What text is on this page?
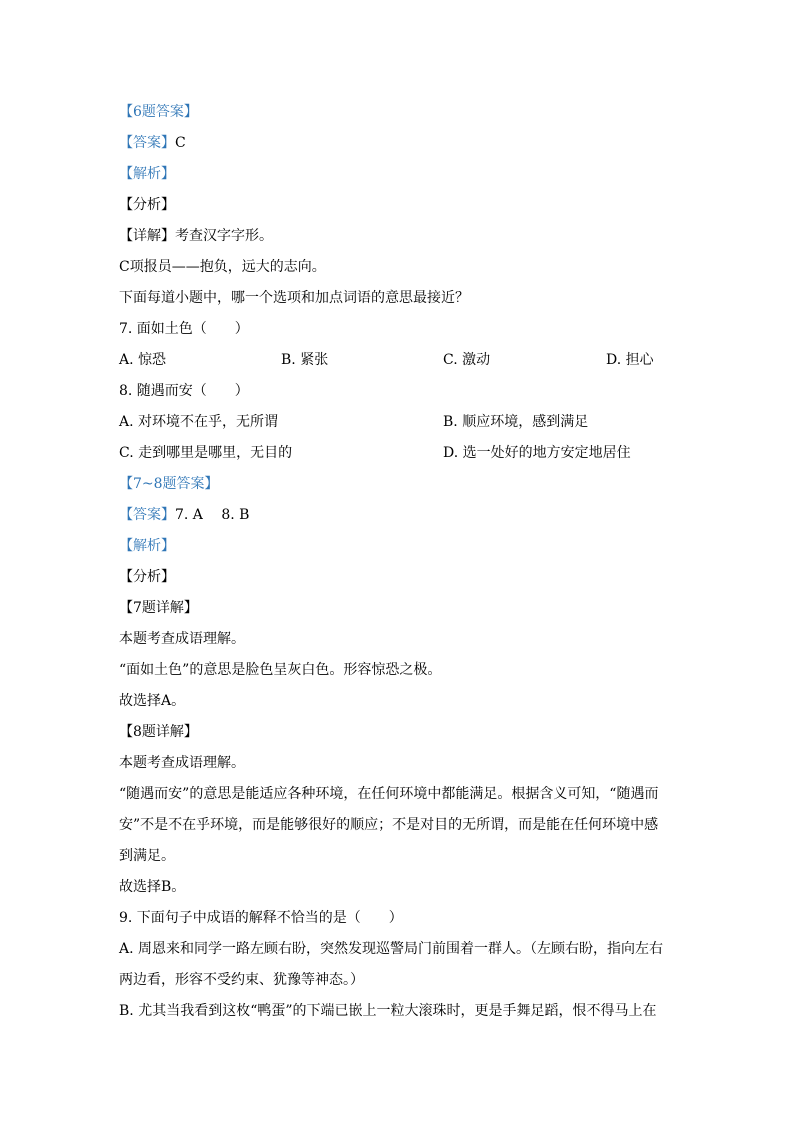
【6题答案】
【答案】C
【解析】
【分析】
【详解】考查汉字字形。
C项报员——抱负，远大的志向。
下面每道小题中，哪一个选项和加点词语的意思最接近？
7. 面如土色（　　）
A. 惊恐	B. 紧张	C. 激动	D. 担心
8. 随遇而安（　　）
A. 对环境不在乎，无所谓	B. 顺应环境，感到满足
C. 走到哪里是哪里，无目的	D. 选一处好的地方安定地居住
【7~8题答案】
【答案】7. A　 8. B
【解析】
【分析】
【7题详解】
本题考查成语理解。
“面如土色”的意思是脸色呈灰白色。形容惊恐之极。
故选择A。
【8题详解】
本题考查成语理解。
“随遇而安”的意思是能适应各种环境，在任何环境中都能满足。根据含义可知，“随遇而
安”不是不在乎环境，而是能够很好的顺应；不是对目的无所谓，而是能在任何环境中感
到满足。
故选择B。
9. 下面句子中成语的解释不恰当的是（　　）
A. 周恩来和同学一路左顾右盼，突然发现巡警局门前围着一群人。（左顾右盼，指向左右
两边看，形容不受约束、犹豫等神态。）
B. 尤其当我看到这枚“鸭蛋”的下端已嵌上一粒大滚珠时，更是手舞足蹈，恨不得马上在
